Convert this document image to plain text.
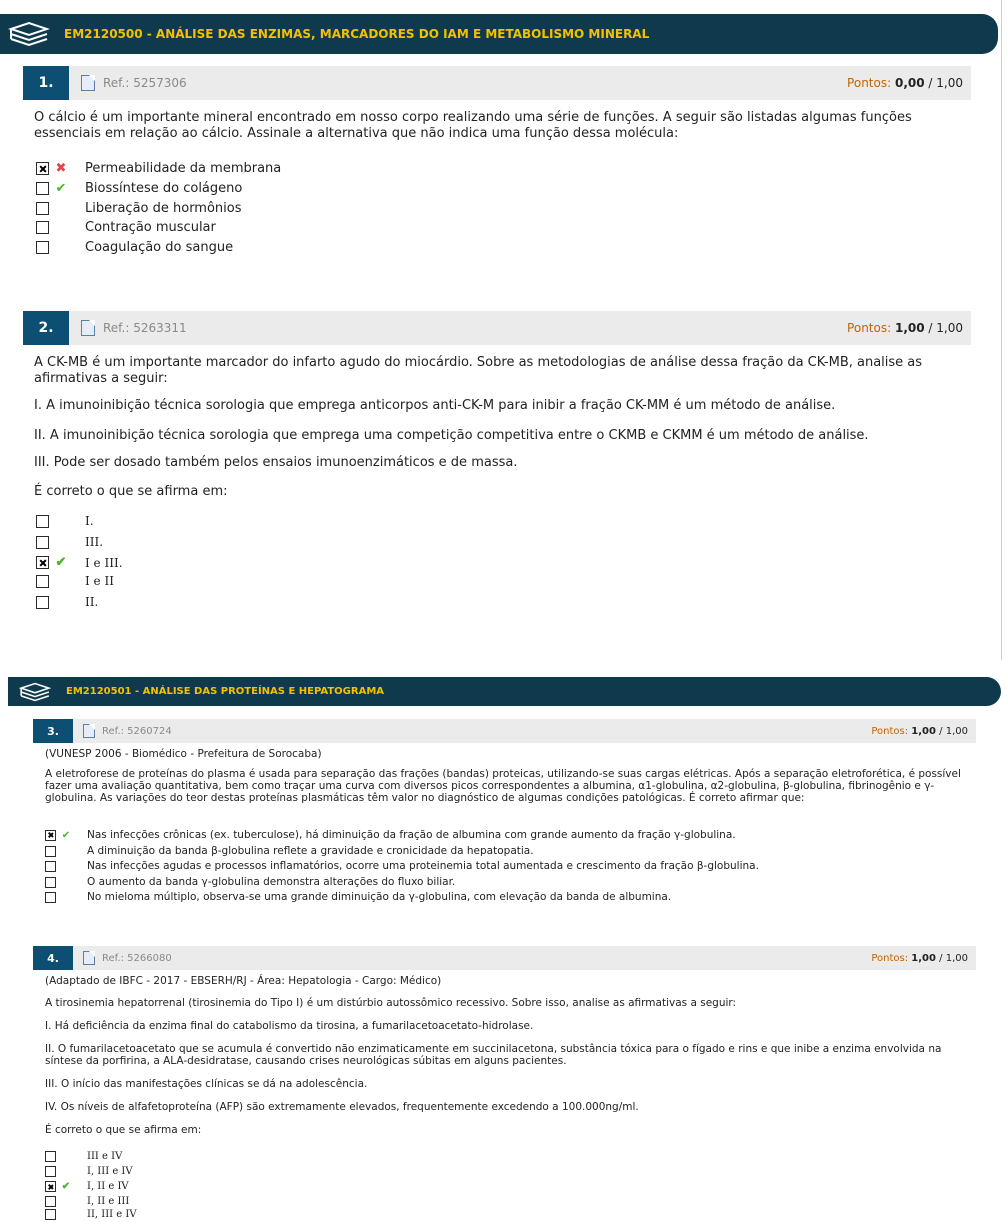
EM2120500 - ANÁLISE DAS ENZIMAS, MARCADORES DO IAM E METABOLISMO MINERAL
1.	Ref.: 5257306	Pontos: 0,00 / 1,00

O cálcio é um importante mineral encontrado em nosso corpo realizando uma série de funções. A seguir são listadas algumas funções essenciais em relação ao cálcio. Assinale a alternativa que não indica uma função dessa molécula:

✖ Permeabilidade da membrana
✔ Biossíntese do colágeno
Liberação de hormônios
Contração muscular
Coagulação do sangue
2.	Ref.: 5263311	Pontos: 1,00 / 1,00

A CK-MB é um importante marcador do infarto agudo do miocárdio. Sobre as metodologias de análise dessa fração da CK-MB, analise as afirmativas a seguir:

I. A imunoinibição técnica sorologia que emprega anticorpos anti-CK-M para inibir a fração CK-MM é um método de análise.

II. A imunoinibição técnica sorologia que emprega uma competição competitiva entre o CKMB e CKMM é um método de análise.

III. Pode ser dosado também pelos ensaios imunoenzimáticos e de massa.

É correto o que se afirma em:

I.
III.
✔ I e III.
I e II
II.
EM2120501 - ANÁLISE DAS PROTEÍNAS E HEPATOGRAMA
3.	Ref.: 5260724	Pontos: 1,00 / 1,00

(VUNESP 2006 - Biomédico - Prefeitura de Sorocaba)

A eletroforese de proteínas do plasma é usada para separação das frações (bandas) proteicas, utilizando-se suas cargas elétricas. Após a separação eletroforética, é possível fazer uma avaliação quantitativa, bem como traçar uma curva com diversos picos correspondentes a albumina, α1-globulina, α2-globulina, β-globulina, fibrinogênio e γ-globulina. As variações do teor destas proteínas plasmáticas têm valor no diagnóstico de algumas condições patológicas. É correto afirmar que:

✔ Nas infecções crônicas (ex. tuberculose), há diminuição da fração de albumina com grande aumento da fração γ-globulina.
A diminuição da banda β-globulina reflete a gravidade e cronicidade da hepatopatia.
Nas infecções agudas e processos inflamatórios, ocorre uma proteinemia total aumentada e crescimento da fração β-globulina.
O aumento da banda γ-globulina demonstra alterações do fluxo biliar.
No mieloma múltiplo, observa-se uma grande diminuição da γ-globulina, com elevação da banda de albumina.
4.	Ref.: 5266080	Pontos: 1,00 / 1,00

(Adaptado de IBFC - 2017 - EBSERH/RJ - Área: Hepatologia - Cargo: Médico)

A tirosinemia hepatorrenal (tirosinemia do Tipo I) é um distúrbio autossômico recessivo. Sobre isso, analise as afirmativas a seguir:

I. Há deficiência da enzima final do catabolismo da tirosina, a fumarilacetoacetato-hidrolase.

II. O fumarilacetoacetato que se acumula é convertido não enzimaticamente em succinilacetona, substância tóxica para o fígado e rins e que inibe a enzima envolvida na síntese da porfirina, a ALA-desidratase, causando crises neurológicas súbitas em alguns pacientes.

III. O início das manifestações clínicas se dá na adolescência.

IV. Os níveis de alfafetoproteína (AFP) são extremamente elevados, frequentemente excedendo a 100.000ng/ml.

É correto o que se afirma em:

III e IV
I, III e IV
✔ I, II e IV
I, II e III
II, III e IV
